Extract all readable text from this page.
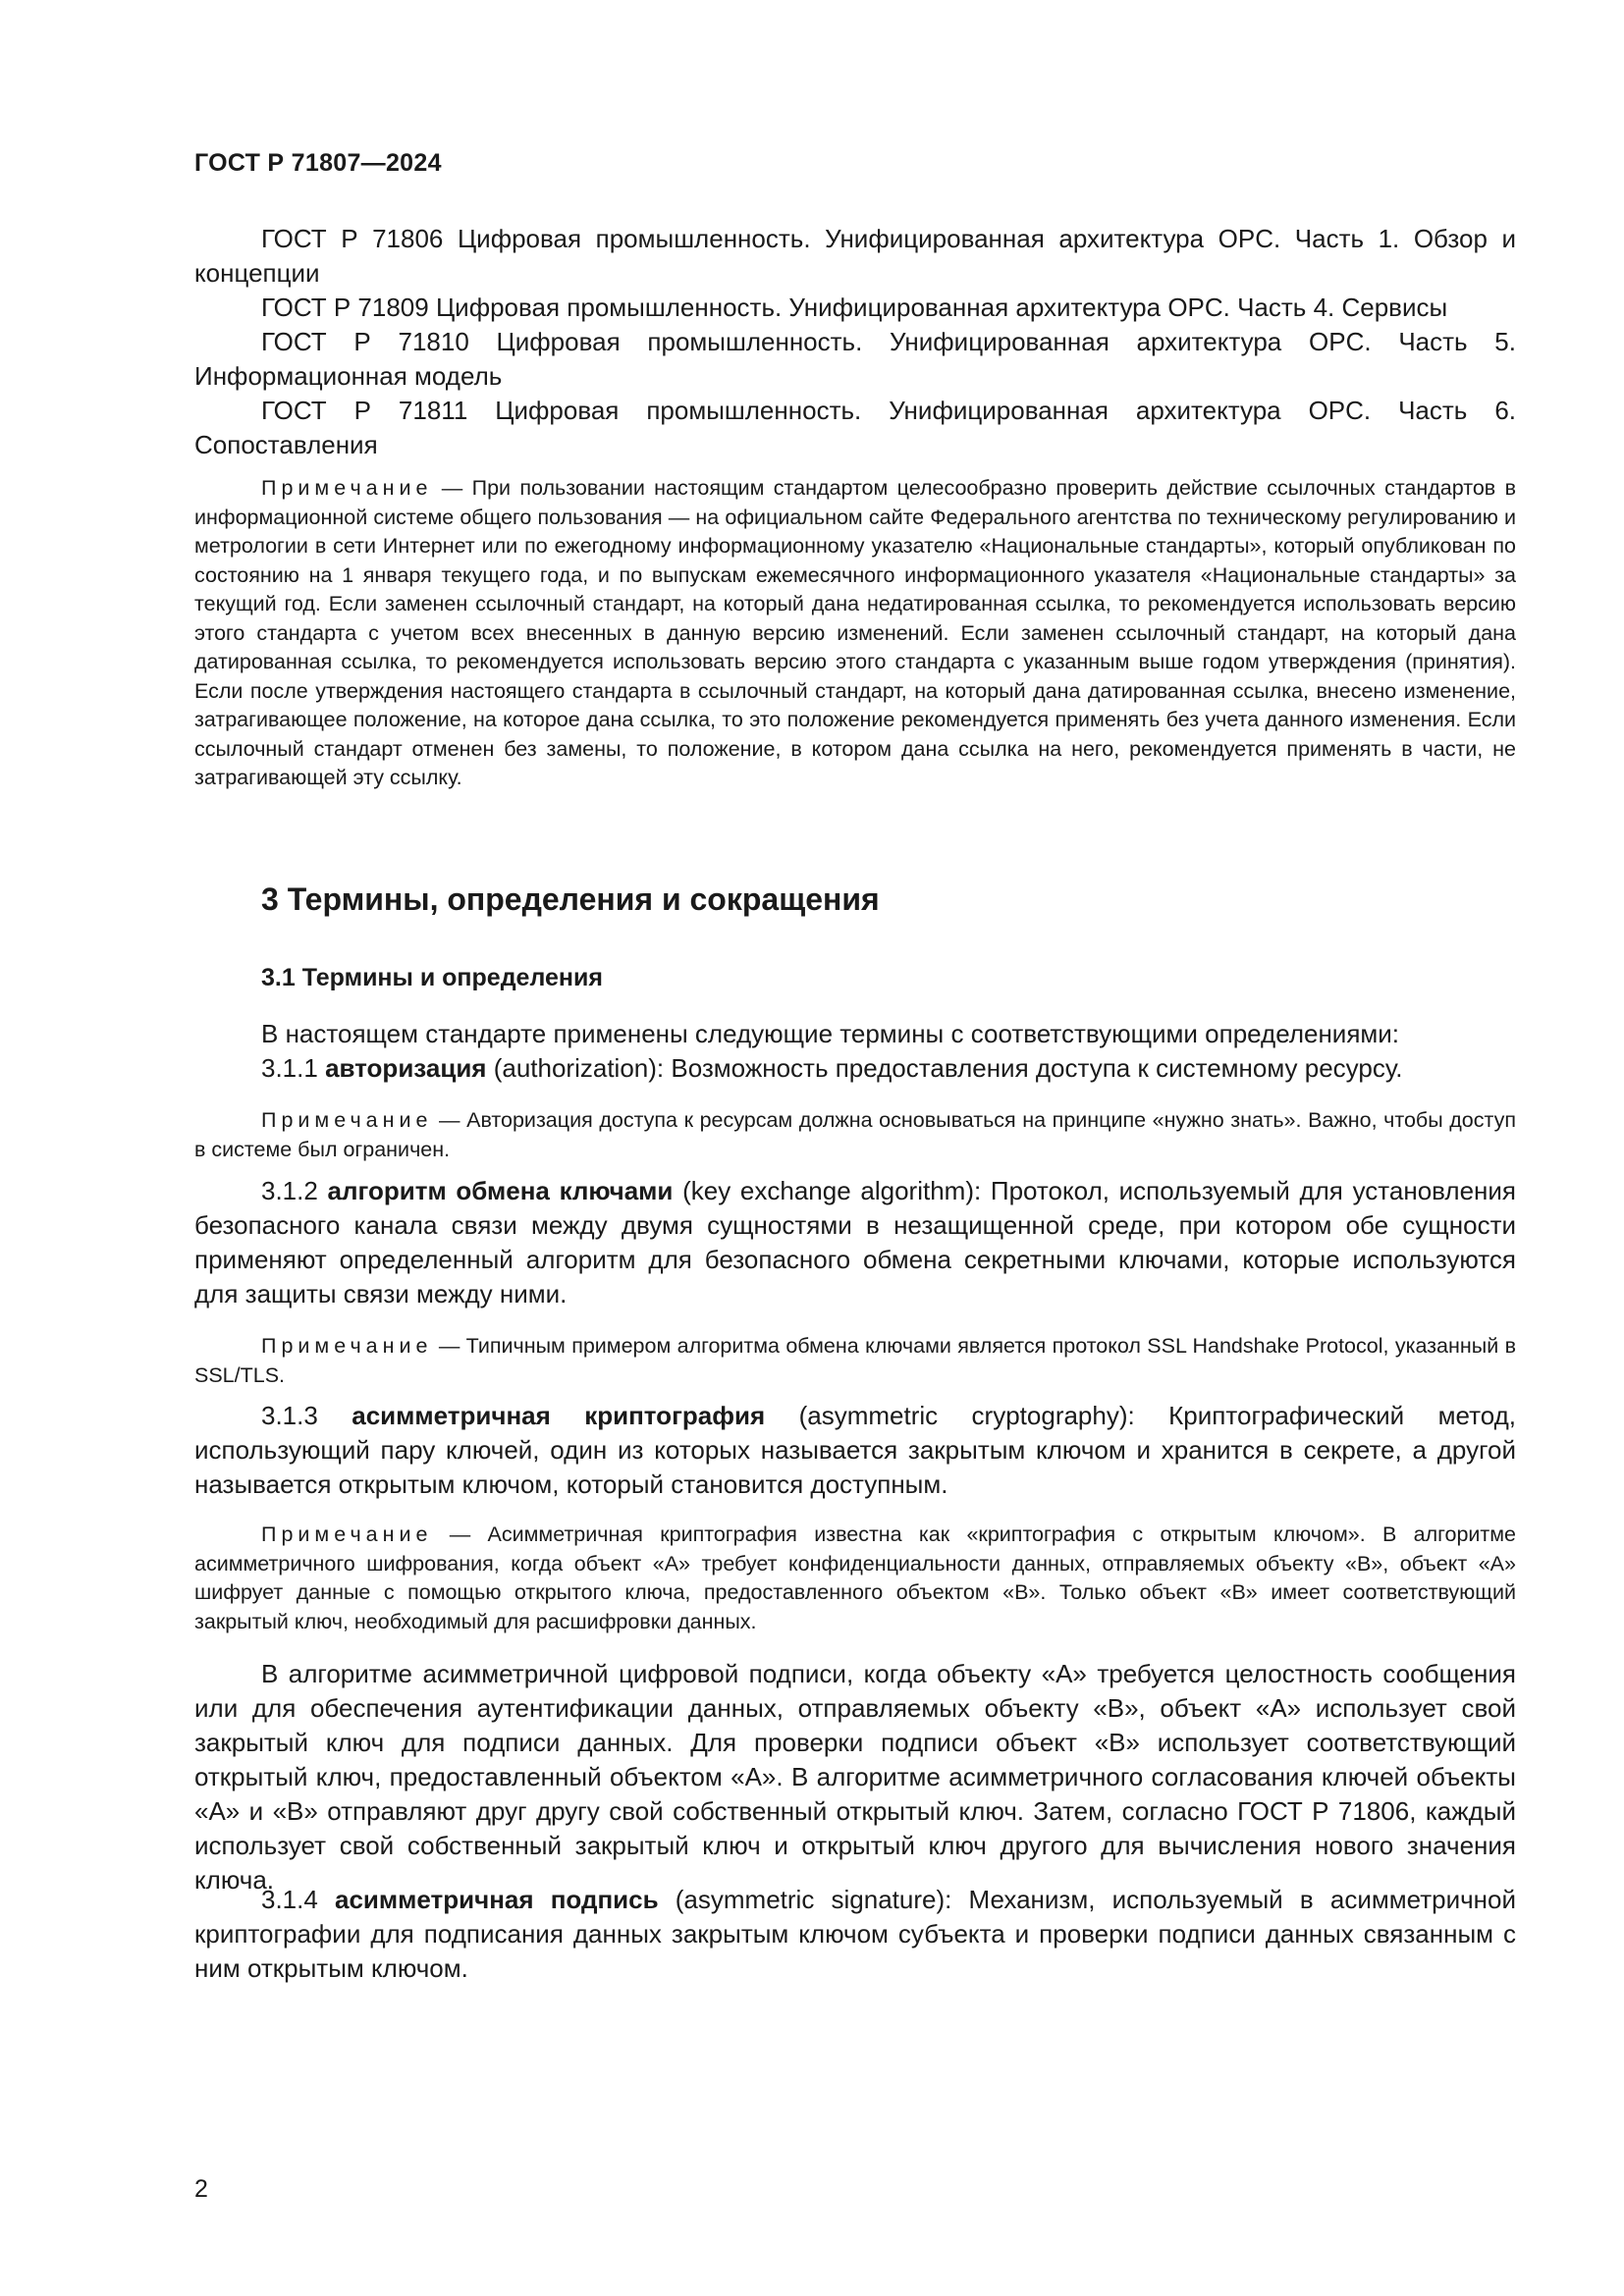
ГОСТ Р 71807—2024

ГОСТ Р 71806 Цифровая промышленность. Унифицированная архитектура OPC. Часть 1. Обзор и концепции

ГОСТ Р 71809 Цифровая промышленность. Унифицированная архитектура OPC. Часть 4. Сервисы

ГОСТ Р 71810 Цифровая промышленность. Унифицированная архитектура OPC. Часть 5. Информационная модель

ГОСТ Р 71811 Цифровая промышленность. Унифицированная архитектура OPC. Часть 6. Сопоставления

Примечание — При пользовании настоящим стандартом целесообразно проверить действие ссылочных стандартов в информационной системе общего пользования — на официальном сайте Федерального агентства по техническому регулированию и метрологии в сети Интернет или по ежегодному информационному указателю «Национальные стандарты», который опубликован по состоянию на 1 января текущего года, и по выпускам ежемесячного информационного указателя «Национальные стандарты» за текущий год. Если заменен ссылочный стандарт, на который дана недатированная ссылка, то рекомендуется использовать версию этого стандарта с учетом всех внесенных в данную версию изменений. Если заменен ссылочный стандарт, на который дана датированная ссылка, то рекомендуется использовать версию этого стандарта с указанным выше годом утверждения (принятия). Если после утверждения настоящего стандарта в ссылочный стандарт, на который дана датированная ссылка, внесено изменение, затрагивающее положение, на которое дана ссылка, то это положение рекомендуется применять без учета данного изменения. Если ссылочный стандарт отменен без замены, то положение, в котором дана ссылка на него, рекомендуется применять в части, не затрагивающей эту ссылку.
3 Термины, определения и сокращения
3.1 Термины и определения
В настоящем стандарте применены следующие термины с соответствующими определениями:
3.1.1 авторизация (authorization): Возможность предоставления доступа к системному ресурсу.
Примечание — Авторизация доступа к ресурсам должна основываться на принципе «нужно знать». Важно, чтобы доступ в системе был ограничен.
3.1.2 алгоритм обмена ключами (key exchange algorithm): Протокол, используемый для установления безопасного канала связи между двумя сущностями в незащищенной среде, при котором обе сущности применяют определенный алгоритм для безопасного обмена секретными ключами, которые используются для защиты связи между ними.
Примечание — Типичным примером алгоритма обмена ключами является протокол SSL Handshake Protocol, указанный в SSL/TLS.
3.1.3 асимметричная криптография (asymmetric cryptography): Криптографический метод, использующий пару ключей, один из которых называется закрытым ключом и хранится в секрете, а другой называется открытым ключом, который становится доступным.
Примечание — Асимметричная криптография известна как «криптография с открытым ключом». В алгоритме асимметричного шифрования, когда объект «A» требует конфиденциальности данных, отправляемых объекту «B», объект «A» шифрует данные с помощью открытого ключа, предоставленного объектом «B». Только объект «B» имеет соответствующий закрытый ключ, необходимый для расшифровки данных.
В алгоритме асимметричной цифровой подписи, когда объекту «A» требуется целостность сообщения или для обеспечения аутентификации данных, отправляемых объекту «B», объект «A» использует свой закрытый ключ для подписи данных. Для проверки подписи объект «B» использует соответствующий открытый ключ, предоставленный объектом «A». В алгоритме асимметричного согласования ключей объекты «A» и «B» отправляют друг другу свой собственный открытый ключ. Затем, согласно ГОСТ Р 71806, каждый использует свой собственный закрытый ключ и открытый ключ другого для вычисления нового значения ключа.
3.1.4 асимметричная подпись (asymmetric signature): Механизм, используемый в асимметричной криптографии для подписания данных закрытым ключом субъекта и проверки подписи данных связанным с ним открытым ключом.
2
